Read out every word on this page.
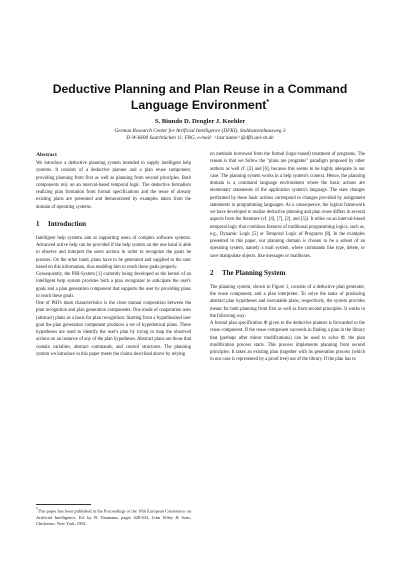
Deductive Planning and Plan Reuse in a Command Language Environment*
S. Biundo D. Dengler J. Koehler
German Research Center for Artificial Intelligence (DFKI), Stuhlsatzenhausweg 3
D-W-6600 Saarbrücken 11, FRG, e-mail: <last name>@dfki.uni-sb.de
Abstract

We introduce a deductive planning system intended to supply intelligent help systems. It consists of a deductive planner and a plan reuse component, providing planning from first as well as planning from second principles. Both components rely on an interval-based temporal logic. The deductive formalism realizing plan formation from formal specifications and the reuse of already existing plans are presented and demonstrated by examples taken from the domain of operating systems.

1 Introduction

Intelligent help systems aim at supporting users of complex software systems. Advanced active help can be provided if the help system on the one hand is able to observe and interpret the users actions in order to recognize the goals he pursues. On the other hand, plans have to be generated and supplied to the user based on this information, thus enabling him to reach these goals properly.

Consequently, the PHI-System [1] currently being developed as the kernel of an intelligent help system provides both a plan recognizer to anticipate the user's goals and a plan generation component that supports the user by providing plans to reach these goals.

One of PHI's main characteristics is the close mutual cooperation between the plan recognition and plan generation components. One mode of cooperation uses (abstract) plans as a basis for plan recognition: Starting from a hypothesized user goal the plan generation component produces a set of hypothetical plans. These hypotheses are used to identify the user's plan by trying to map the observed actions on an instance of any of the plan hypotheses. Abstract plans are those that contain variables, abstract commands, and control structures. The planning system we introduce in this paper meets the claims described above by relying

on methods borrowed from the formal (logic-based) treatment of programs. The reason is that we follow the "plans are programs" paradigm proposed by other authors as well cf. [2] and [6], because this seems to be highly adequate in our case: The planning system works in a help system's context. Hence, the planning domain is a command language environment where the basic actions are elementary statements of the application system's language. The state changes performed by these basic actions correspond to changes provided by assignment statements in programming languages. As a consequence, the logical framework we have developed to realize deductive planning and plan reuse differs in several aspects from the literature (cf. [4], [7], [2], and [5]). It relies on an interval-based temporal logic that combines features of traditional programming logics, such as, e.g., Dynamic Logic [5] or Temporal Logic of Programs [8]. In the examples presented in this paper, our planning domain is chosen to be a subset of an operating system, namely a mail system, where commands like type, delete, or save manipulate objects, like messages or mailboxes.

2 The Planning System

The planning system, shown in Figure 1, consists of a deductive plan generator, the reuse component, and a plan interpreter. To solve the tasks of producing abstract plan hypotheses and executable plans, respectively, the system provides means for both planning from first as well as from second principles. It works in the following way:

A formal plan specification Φ given to the deductive planner is forwarded to the reuse component. If the reuse component succeeds in finding a plan in the library that (perhaps after minor modifications) can be used to solve Φ, the plan modification process starts. This process implements planning from second principles: It takes an existing plan (together with its generation process (which in our case is represented by a proof tree) out of the library. If the plan has to

*This paper has been published in the Proceedings of the 10th European Conference on Artificial Intelligence, Ed. by B. Neumann, pages 628-632, John Wiley & Sons, Chichester, New York, 1992.
